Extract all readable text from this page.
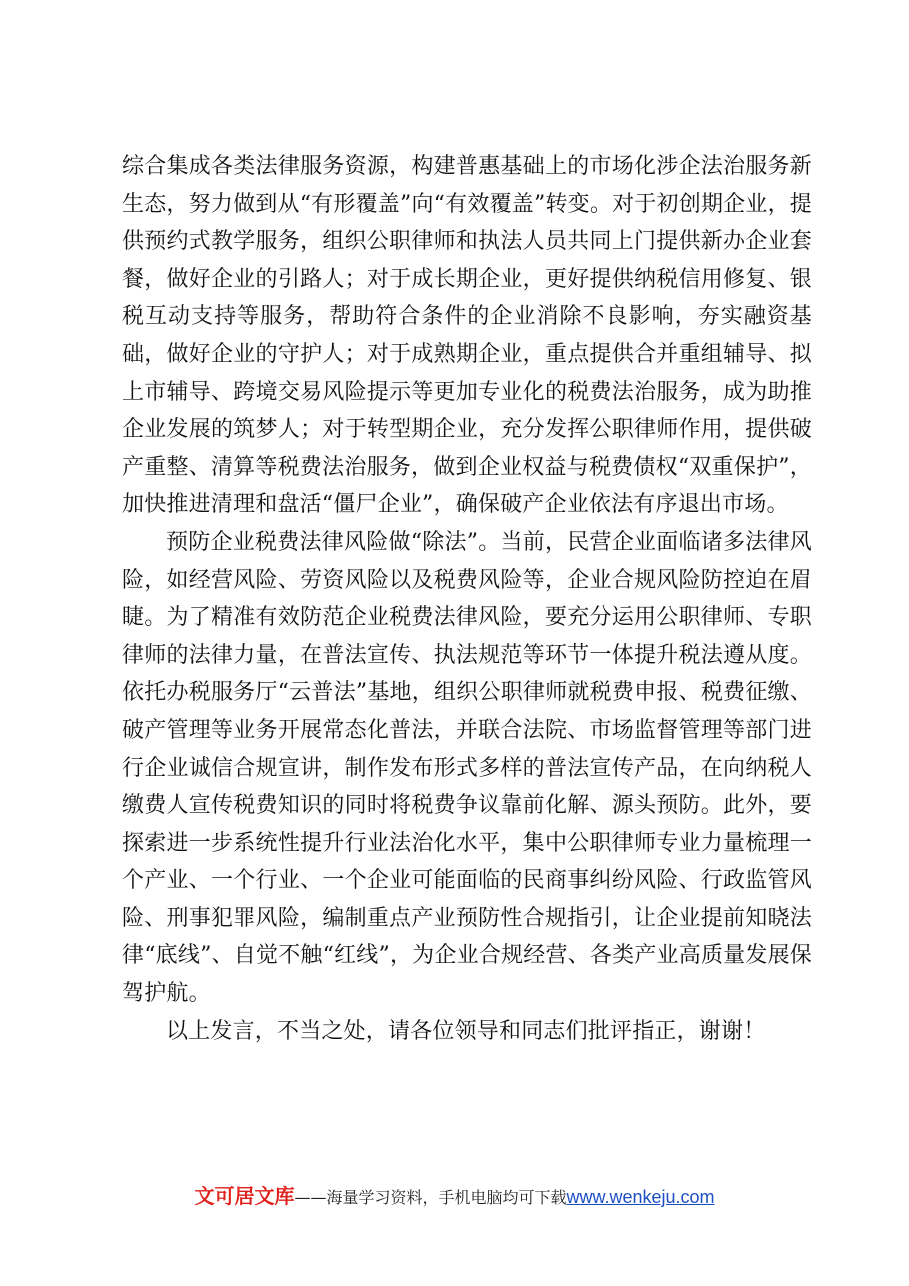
综合集成各类法律服务资源，构建普惠基础上的市场化涉企法治服务新生态，努力做到从“有形覆盖”向“有效覆盖”转变。对于初创期企业，提供预约式教学服务，组织公职律师和执法人员共同上门提供新办企业套餐，做好企业的引路人；对于成长期企业，更好提供纳税信用修复、银税互动支持等服务，帮助符合条件的企业消除不良影响，夯实融资基础，做好企业的守护人；对于成熟期企业，重点提供合并重组辅导、拟上市辅导、跨境交易风险提示等更加专业化的税费法治服务，成为助推企业发展的筑梦人；对于转型期企业，充分发挥公职律师作用，提供破产重整、清算等税费法治服务，做到企业权益与税费债权“双重保护”，加快推进清理和盘活“僵尸企业”，确保破产企业依法有序退出市场。

预防企业税费法律风险做“除法”。当前，民营企业面临诸多法律风险，如经营风险、劳资风险以及税费风险等，企业合规风险防控迫在眉睫。为了精准有效防范企业税费法律风险，要充分运用公职律师、专职律师的法律力量，在普法宣传、执法规范等环节一体提升税法遵从度。依托办税服务厅“云普法”基地，组织公职律师就税费申报、税费征缴、破产管理等业务开展常态化普法，并联合法院、市场监督管理等部门进行企业诚信合规宣讲，制作发布形式多样的普法宣传产品，在向纳税人缴费人宣传税费知识的同时将税费争议靠前化解、源头预防。此外，要探索进一步系统性提升行业法治化水平，集中公职律师专业力量梳理一个产业、一个行业、一个企业可能面临的民商事纠纷风险、行政监管风险、刑事犯罪风险，编制重点产业预防性合规指引，让企业提前知晓法律“底线”、自觉不触“红线”，为企业合规经营、各类产业高质量发展保驾护航。

以上发言，不当之处，请各位领导和同志们批评指正，谢谢！

文可居文库——海量学习资料，手机电脑均可下载www.wenkeju.com
